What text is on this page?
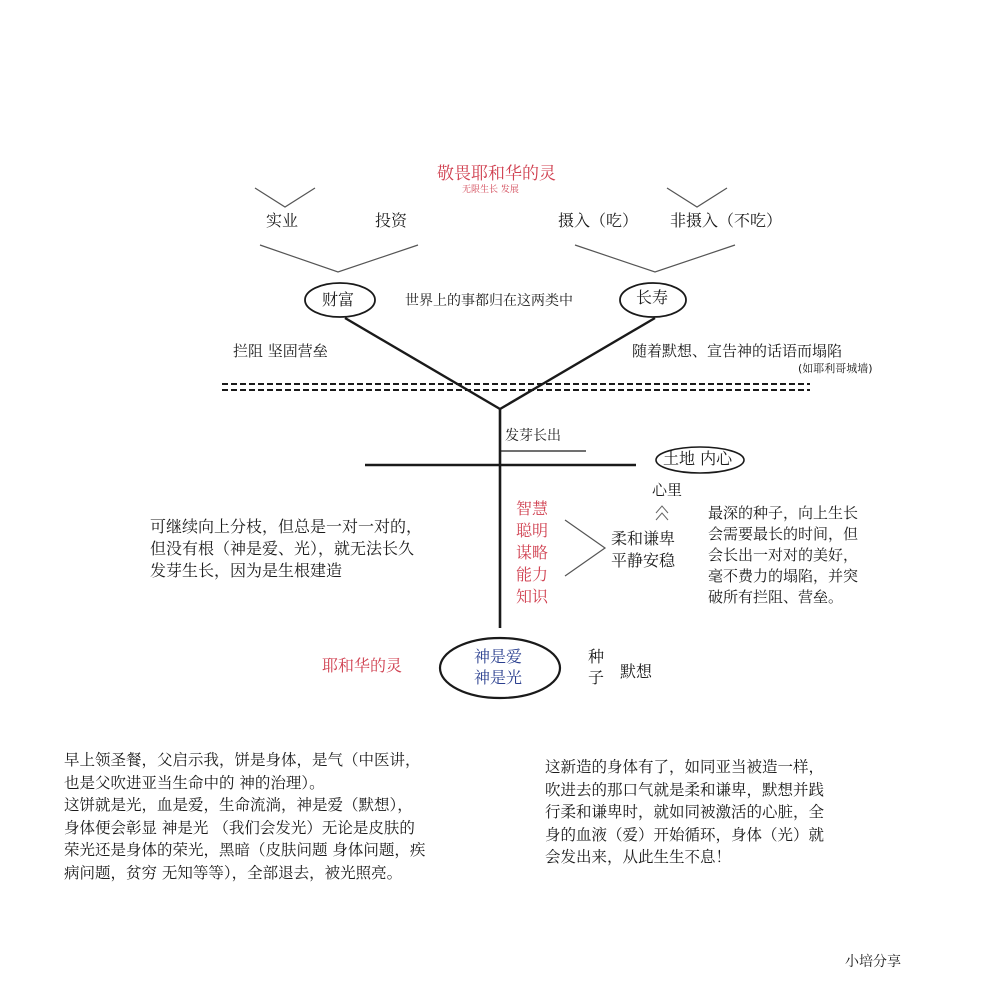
敬畏耶和华的灵
无限生长 发展
实业	投资	摄入（吃） 非摄入（不吃）
财富	长寿
世界上的事都归在这两类中
拦阻 坚固营垒	随着默想、宣告神的话语而塌陷
(如耶利哥城墙)
发芽长出
土地 内心
心里
智慧
聪明
谋略
能力
知识
柔和谦卑
平静安稳
可继续向上分枝，但总是一对一对的，
但没有根（神是爱、光），就无法长久
发芽生长，因为是生根建造
最深的种子，向上生长
会需要最长的时间，但
会长出一对对的美好，
毫不费力的塌陷，并突
破所有拦阻、营垒。
神是爱
神是光
耶和华的灵	种
子 默想
早上领圣餐，父启示我，饼是身体，是气（中医讲，
也是父吹进亚当生命中的 神的治理）。
这饼就是光，血是爱，生命流淌，神是爱（默想），
身体便会彰显 神是光 （我们会发光）无论是皮肤的
荣光还是身体的荣光，黑暗（皮肤问题 身体问题，疾
病问题，贫穷 无知等等），全部退去，被光照亮。
这新造的身体有了，如同亚当被造一样，
吹进去的那口气就是柔和谦卑，默想并践
行柔和谦卑时，就如同被激活的心脏，全
身的血液（爱）开始循环，身体（光）就
会发出来，从此生生不息！
小培分享
